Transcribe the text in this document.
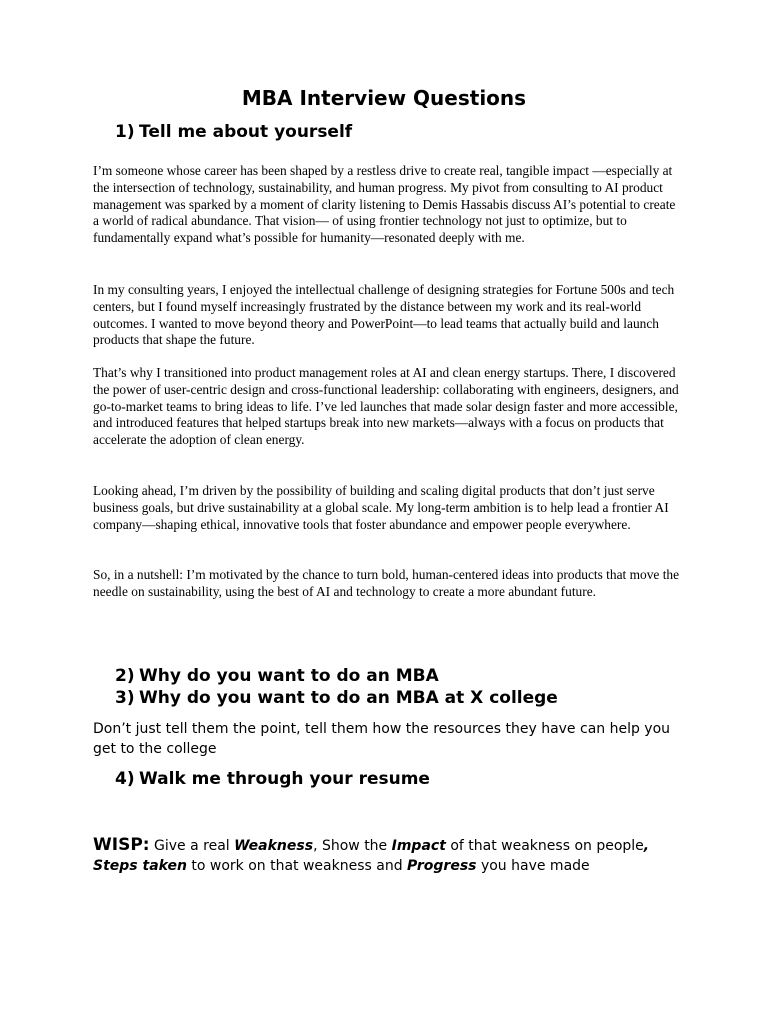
MBA Interview Questions
1) Tell me about yourself

I’m someone whose career has been shaped by a restless drive to create real, tangible impact —especially at the intersection of technology, sustainability, and human progress. My pivot from consulting to AI product management was sparked by a moment of clarity listening to Demis Hassabis discuss AI’s potential to create a world of radical abundance. That vision— of using frontier technology not just to optimize, but to fundamentally expand what’s possible for humanity—resonated deeply with me.

In my consulting years, I enjoyed the intellectual challenge of designing strategies for Fortune 500s and tech centers, but I found myself increasingly frustrated by the distance between my work and its real-world outcomes. I wanted to move beyond theory and PowerPoint—to lead teams that actually build and launch products that shape the future.

That’s why I transitioned into product management roles at AI and clean energy startups. There, I discovered the power of user-centric design and cross-functional leadership: collaborating with engineers, designers, and go-to-market teams to bring ideas to life. I’ve led launches that made solar design faster and more accessible, and introduced features that helped startups break into new markets—always with a focus on products that accelerate the adoption of clean energy.

Looking ahead, I’m driven by the possibility of building and scaling digital products that don’t just serve business goals, but drive sustainability at a global scale. My long-term ambition is to help lead a frontier AI company—shaping ethical, innovative tools that foster abundance and empower people everywhere.

So, in a nutshell: I’m motivated by the chance to turn bold, human-centered ideas into products that move the needle on sustainability, using the best of AI and technology to create a more abundant future.

2) Why do you want to do an MBA
3) Why do you want to do an MBA at X college

Don’t just tell them the point, tell them how the resources they have can help you get to the college

4) Walk me through your resume

WISP: Give a real Weakness, Show the Impact of that weakness on people, Steps taken to work on that weakness and Progress you have made
